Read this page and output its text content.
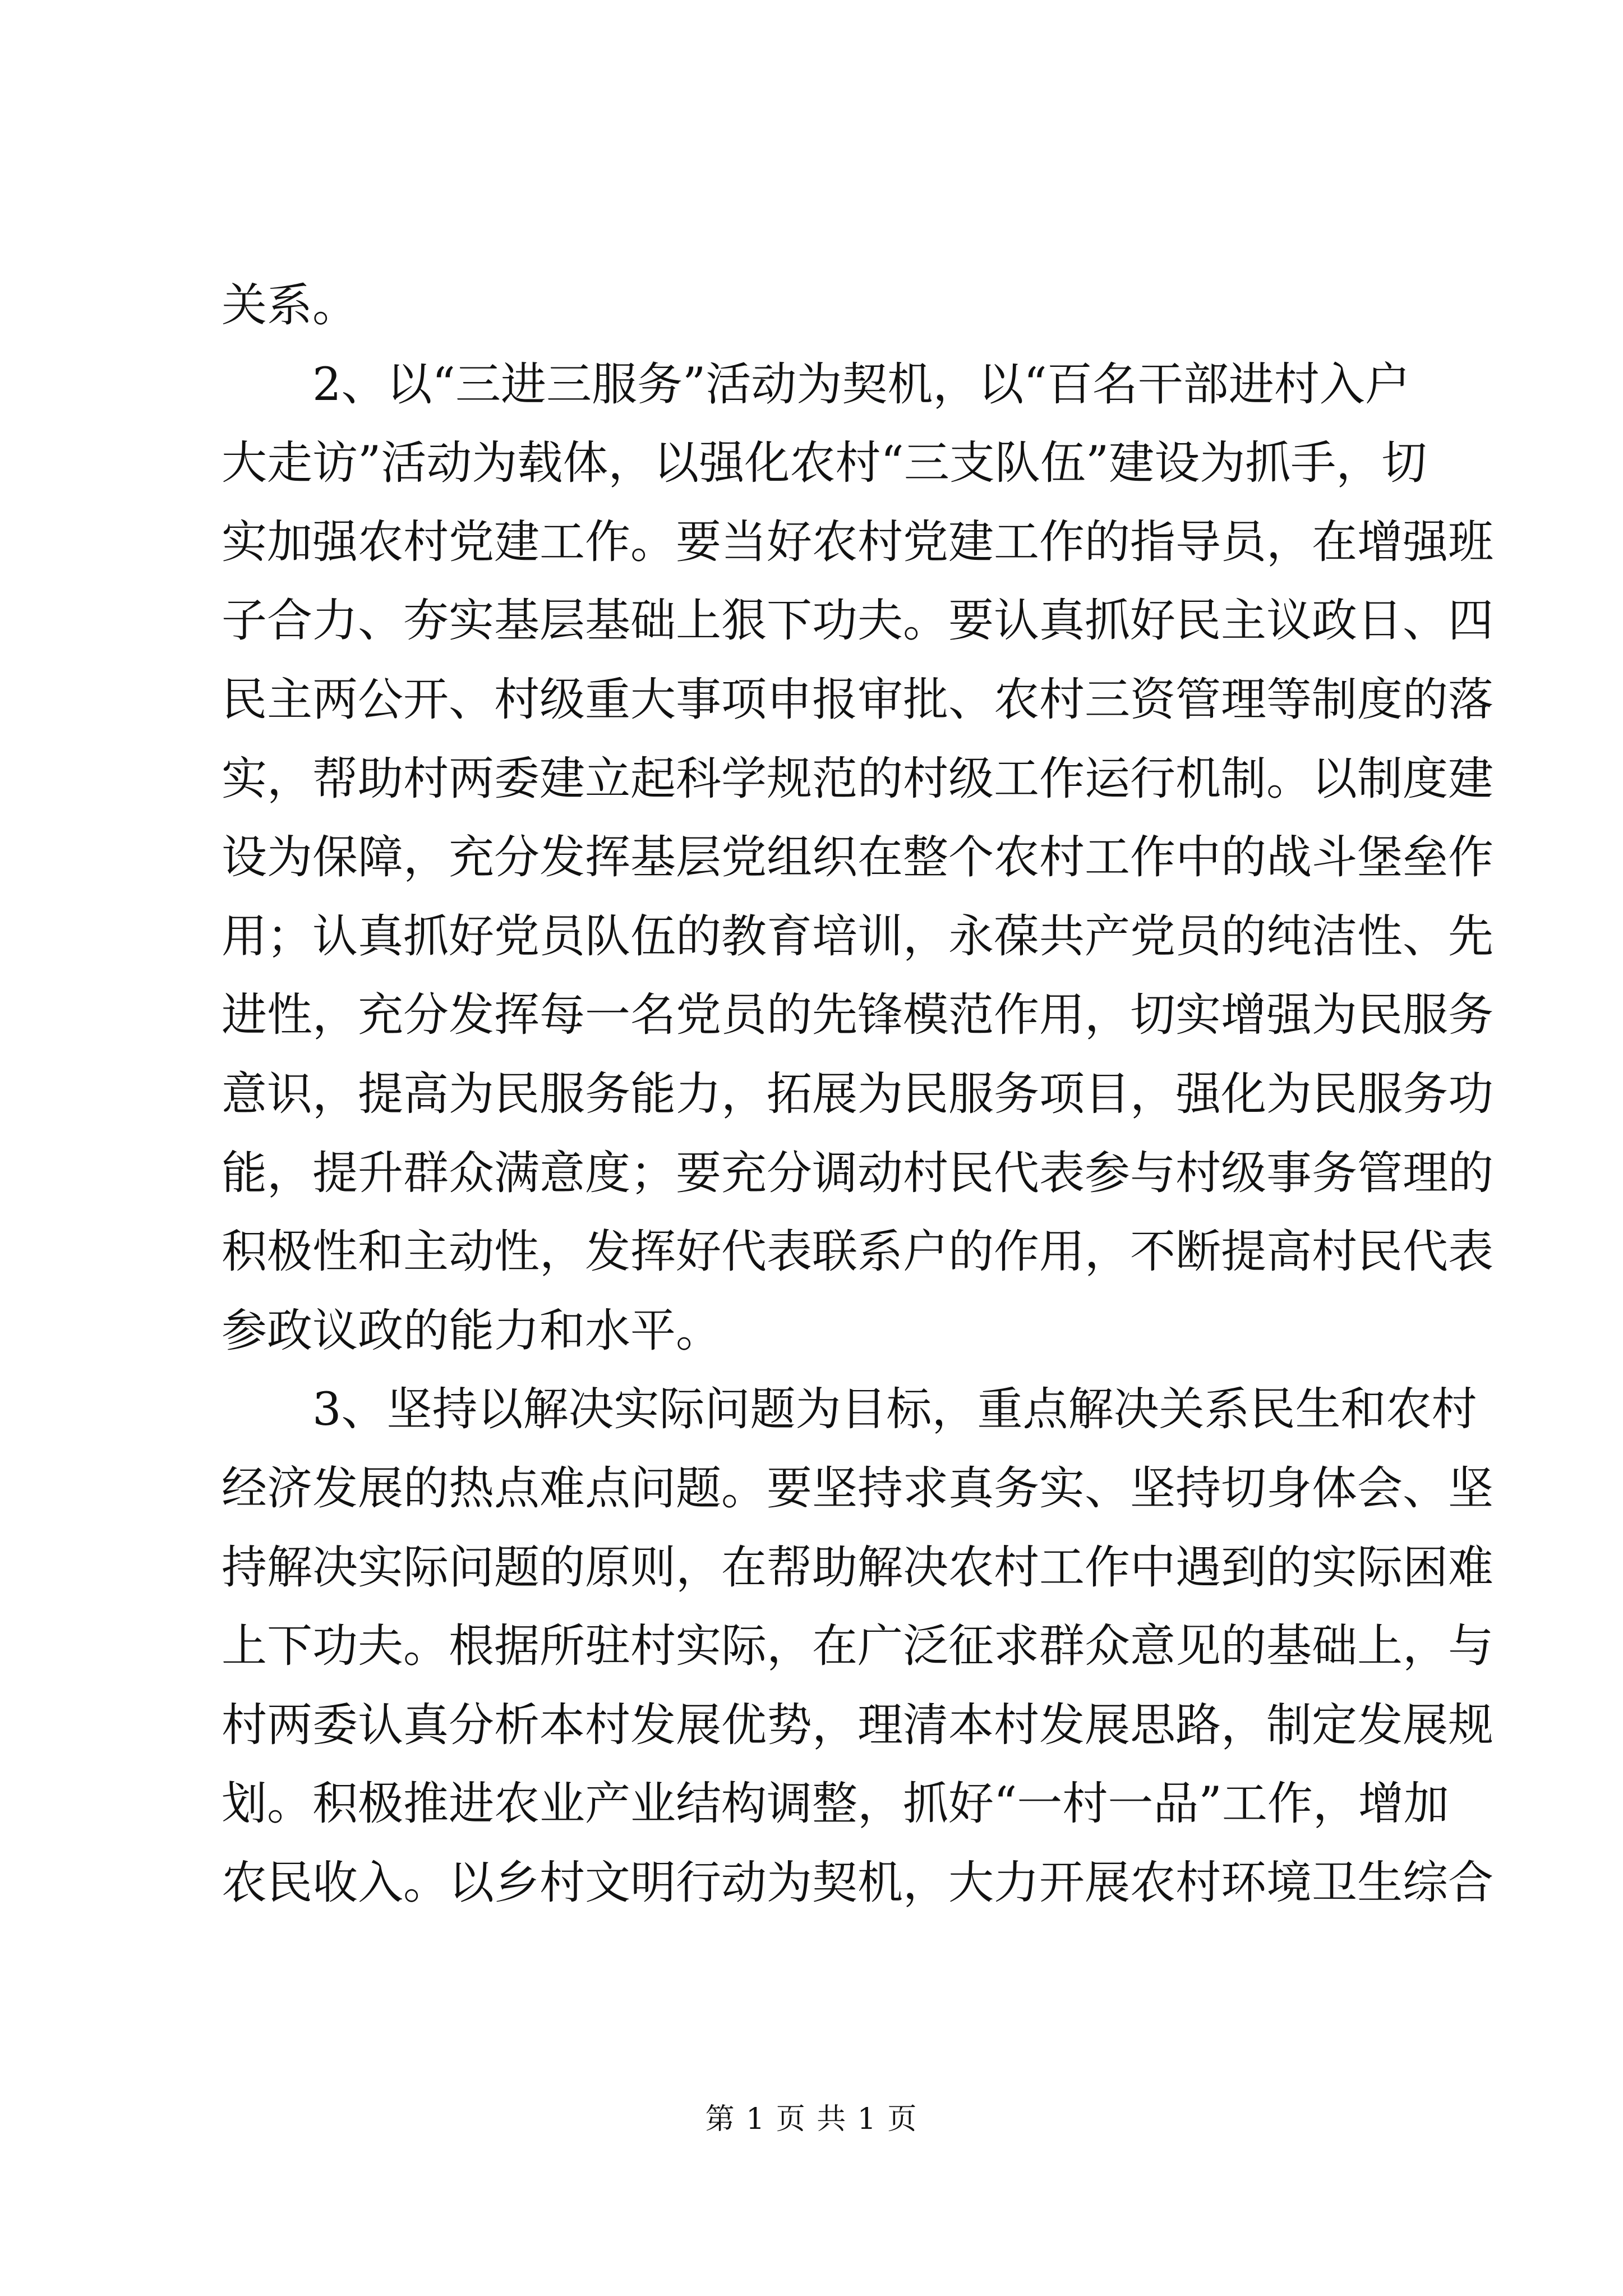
关系。
　　2、以“三进三服务”活动为契机，以“百名干部进村入户
大走访”活动为载体，以强化农村“三支队伍”建设为抓手，切
实加强农村党建工作。要当好农村党建工作的指导员，在增强班
子合力、夯实基层基础上狠下功夫。要认真抓好民主议政日、四
民主两公开、村级重大事项申报审批、农村三资管理等制度的落
实，帮助村两委建立起科学规范的村级工作运行机制。以制度建
设为保障，充分发挥基层党组织在整个农村工作中的战斗堡垒作
用；认真抓好党员队伍的教育培训，永葆共产党员的纯洁性、先
进性，充分发挥每一名党员的先锋模范作用，切实增强为民服务
意识，提高为民服务能力，拓展为民服务项目，强化为民服务功
能，提升群众满意度；要充分调动村民代表参与村级事务管理的
积极性和主动性，发挥好代表联系户的作用，不断提高村民代表
参政议政的能力和水平。
　　3、坚持以解决实际问题为目标，重点解决关系民生和农村
经济发展的热点难点问题。要坚持求真务实、坚持切身体会、坚
持解决实际问题的原则，在帮助解决农村工作中遇到的实际困难
上下功夫。根据所驻村实际，在广泛征求群众意见的基础上，与
村两委认真分析本村发展优势，理清本村发展思路，制定发展规
划。积极推进农业产业结构调整，抓好“一村一品”工作，增加
农民收入。以乡村文明行动为契机，大力开展农村环境卫生综合
第 1 页 共 1 页
